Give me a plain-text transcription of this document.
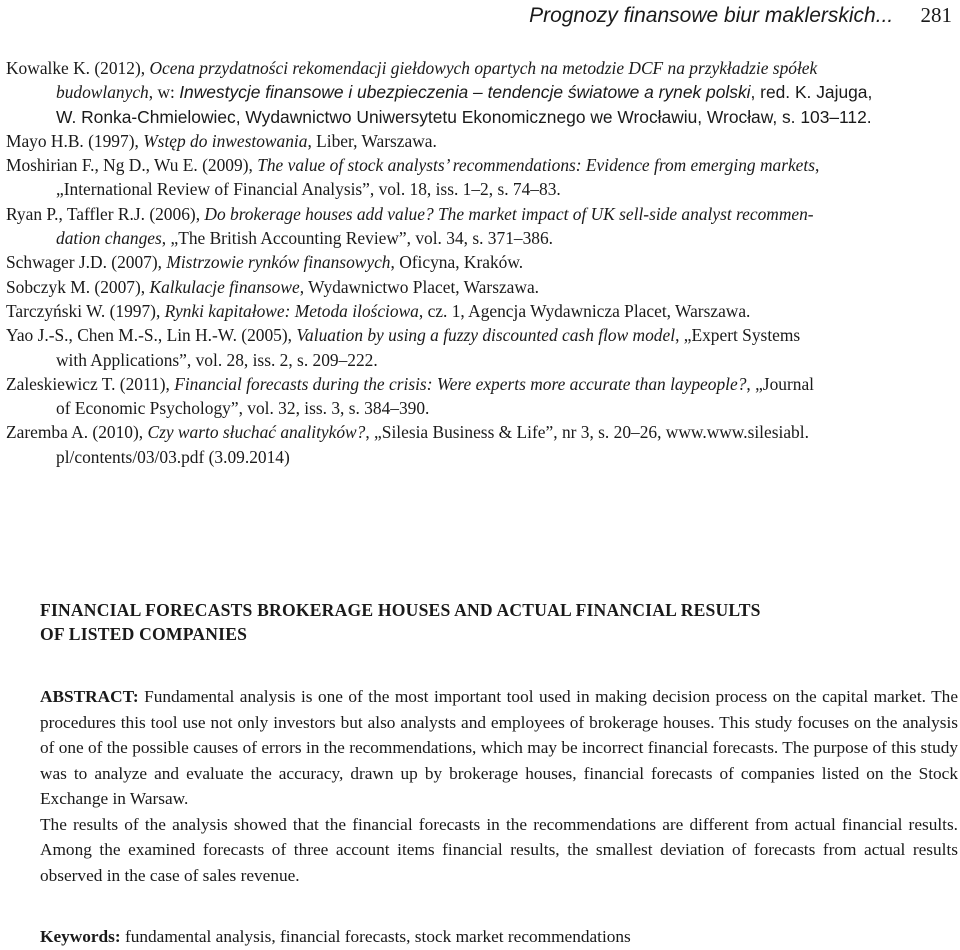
Prognozy finansowe biur maklerskich... 281
Kowalke K. (2012), Ocena przydatności rekomendacji giełdowych opartych na metodzie DCF na przykładzie spółek
budowlanych, w: Inwestycje finansowe i ubezpieczenia – tendencje światowe a rynek polski, red. K. Jajuga,
W. Ronka-Chmielowiec, Wydawnictwo Uniwersytetu Ekonomicznego we Wrocławiu, Wrocław, s. 103–112.
Mayo H.B. (1997), Wstęp do inwestowania, Liber, Warszawa.
Moshirian F., Ng D., Wu E. (2009), The value of stock analysts’ recommendations: Evidence from emerging markets,
„International Review of Financial Analysis”, vol. 18, iss. 1–2, s. 74–83.
Ryan P., Taffler R.J. (2006), Do brokerage houses add value? The market impact of UK sell-side analyst recommen-
dation changes, „The British Accounting Review”, vol. 34, s. 371–386.
Schwager J.D. (2007), Mistrzowie rynków finansowych, Oficyna, Kraków.
Sobczyk M. (2007), Kalkulacje finansowe, Wydawnictwo Placet, Warszawa.
Tarczyński W. (1997), Rynki kapitałowe: Metoda ilościowa, cz. 1, Agencja Wydawnicza Placet, Warszawa.
Yao J.-S., Chen M.-S., Lin H.-W. (2005), Valuation by using a fuzzy discounted cash flow model, „Expert Systems
with Applications”, vol. 28, iss. 2, s. 209–222.
Zaleskiewicz T. (2011), Financial forecasts during the crisis: Were experts more accurate than laypeople?, „Journal
of Economic Psychology”, vol. 32, iss. 3, s. 384–390.
Zaremba A. (2010), Czy warto słuchać analityków?, „Silesia Business & Life”, nr 3, s. 20–26, www.www.silesiabl.
pl/contents/03/03.pdf (3.09.2014)
FINANCIAL FORECASTS BROKERAGE HOUSES AND ACTUAL FINANCIAL RESULTS
OF LISTED COMPANIES

ABSTRACT: Fundamental analysis is one of the most important tool used in making decision process on the capital market. The procedures this tool use not only investors but also analysts and employees of brokerage houses. This study focuses on the analysis of one of the possible causes of errors in the recommendations, which may be incorrect financial forecasts. The purpose of this study was to analyze and evaluate the accuracy, drawn up by brokerage houses, financial forecasts of companies listed on the Stock Exchange in Warsaw.

The results of the analysis showed that the financial forecasts in the recommendations are different from actual financial results. Among the examined forecasts of three account items financial results, the smallest deviation of forecasts from actual results observed in the case of sales revenue.

Keywords: fundamental analysis, financial forecasts, stock market recommendations
